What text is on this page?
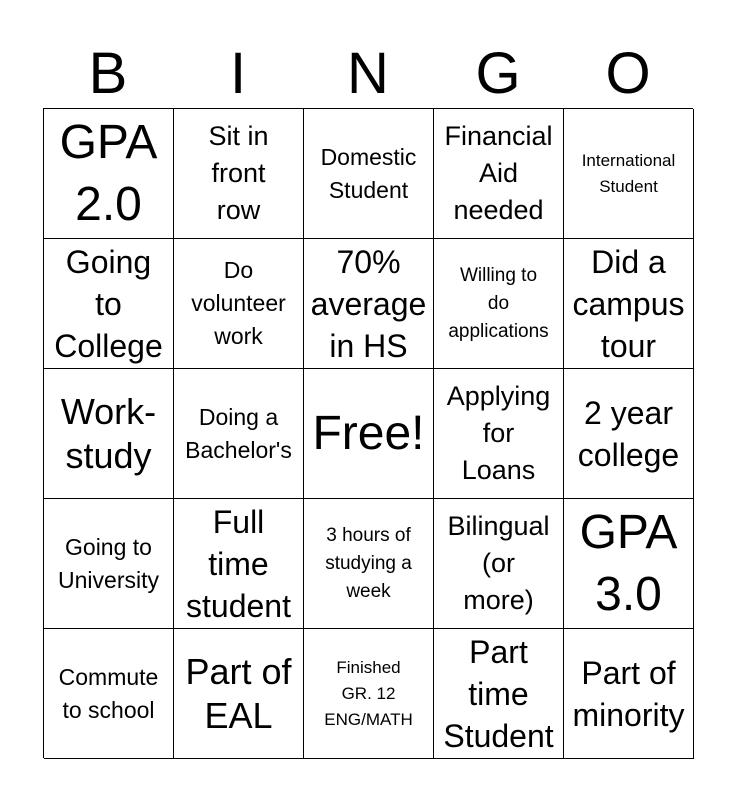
B	I	N	G	O
GPA
2.0
Sit in
front
row
Domestic
Student
Financial
Aid
needed
International
Student
Going
to
College
Do
volunteer
work
70%
average
in HS
Willing to
do
applications
Did a
campus
tour
Work-
study
Doing a
Bachelor's Free!
Applying
for
Loans
2 year
college
Going to
University
Full
time
student
3 hours of
studying a
week
Bilingual
(or
more)
GPA
3.0
Commute
to school
Part of
EAL
Finished
GR. 12
ENG/MATH
Part
time
Student
Part of
minority
